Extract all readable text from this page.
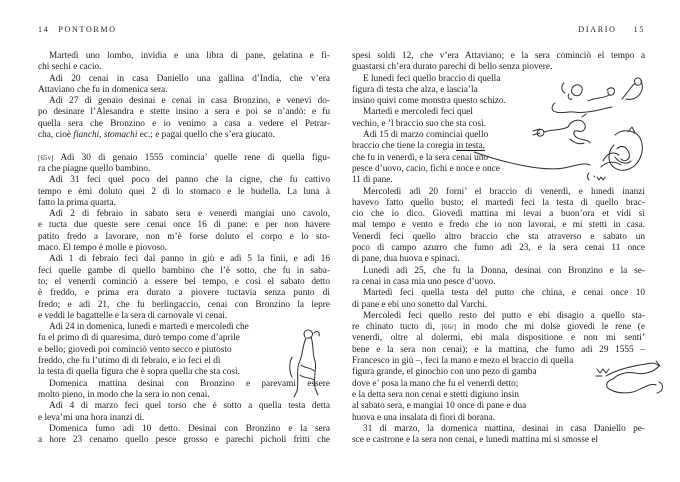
14 PONTORMO
Martedì uno lombo, invidia e una libra di pane, gelatina e fi-
chi sechi e cacio.
Adì 20 cenai in casa Daniello una gallina d’India, che v’era
Attaviano che fu in domenica sera.
Adì 27 di genaio desinai e cenai in casa Bronzino, e venevi do-
po desinare l’Alesandra e stette insino a sera e poi se n’andò: e fu
quella sera che Bronzino e io venimo a casa a vedere el Petrar-
cha, cioè fianchi, stomachi ec.; e pagai quello che s’era giucato.
[65v] Adì 30 di genaio 1555 comincia’ quelle rene di quella figu-
ra che piagne quello bambino.
Adì 31 feci quel poco del panno che la cigne, che fu cattivo
tempo e èmi doluto quei 2 dì lo stomaco e le budella. La luna à
fatto la prima quarta.
Adì 2 di febraio in sabato sera e venerdì mangiai uno cavolo,
e tucta due queste sere cenai once 16 di pane: e per non havere
patito fredo a lavorare, non m’è forse doluto el corpo e lo sto-
maco. El tempo è molle e piovoso.
Adì 1 di febraio feci dal panno in giù e adì 5 la finii, e adì 16
feci quelle gambe di quello bambino che l’è sotto, che fu in saba-
to; el venerdì cominciò a essere bel tempo, e così el sabato detto
è freddo, e prima era durato a piovere tuctavia senza punto di
fredo; e adì 21, che fu berlingaccio, cenai con Bronzino la lepre
e veddi le bagattelle e la sera di carnovale vi cenai.
Adì 24 in domenica, lunedì e martedì e mercoledì che
fu el primo dì di quaresima, durò tempo come d’aprile
e bello; giovedì poi cominciò vento secco e piutosto
freddo, che fu l’utimo dì di febraio, e io feci el dì
la testa di quella figura che è sopra quella che sta così.
Domenica mattina desinai con Bronzino e parevami essere
molto pieno, in modo che la sera io non cenai.
Adì 4 di marzo feci quel torso che è sotto a quella testa detta
e leva’mi una hora inanzi dì.
Domenica fumo adì 10 detto. Desinai con Bronzino e la sera
a hore 23 cenamo quello pesce grosso e parechi picholi fritti che
DIARIO 15
spesi soldi 12, che v’era Attaviano; e la sera cominciò el tempo a
guastarsi ch’era durato parechi dì bello senza piovere.
E lunedì feci quello braccio di quella
figura di testa che alza, e lascia’la
insino quivi come monstra questo schizo.
Martedì e mercoledì feci quel
vechio, e ’l braccio suo che sta così.
Adì 15 di marzo cominciai quello
braccio che tiene la coregia in testa,
che fu in venerdì, e la sera cenai uno
pesce d’uovo, cacio, fichi e noce e once
11 di pane.
Mercoledì adì 20 forni’ el braccio di venerdì, e lunedì inanzi
havevo fatto quello busto; el martedì feci la testa di quello brac-
cio che io dico. Giovedì mattina mi levai a buon’ora et vidi sì
mal tempo e vento e fredo che io non lavorai, e mi stetti in casa.
Venerdì feci quello altro braccio che sta atraverso e sabato un
poco di campo azurro che fumo adì 23, e la sera cenai 11 once
di pane, dua huova e spinaci.
Lunedì adì 25, che fu la Donna, desinai con Bronzino e la se-
ra cenai in casa mia uno pesce d’uovo.
Martedì feci quella testa del putto che china, e cenai once 10
di pane e ebi uno sonetto dal Varchi.
Mercoledì feci quello resto del putto e ebi disagio a quello sta-
re chinato tucto dì, [66r] in modo che mi dolse giovedì le rene (e
venerdì, oltre al dolermi, ebi mala dispositione e non mi senti’
bene e la sera non cenai); e la mattina, che fumo adì 29 1555 –
Francesco in giù –, feci la mano e mezo el braccio di quella
figura grande, el ginochio con uno pezo di gamba
dove e’ posa la mano che fu el venerdì detto;
e la detta sera non cenai e stetti digiuno insin
al sabato sera, e mangiai 10 once di pane e dua
huova e una insalata di fiori di borana.
31 di marzo, la domenica mattina, desinai in casa Daniello pe-
sce e castrone e la sera non cenai, e lunedì mattina mi si smosse el
